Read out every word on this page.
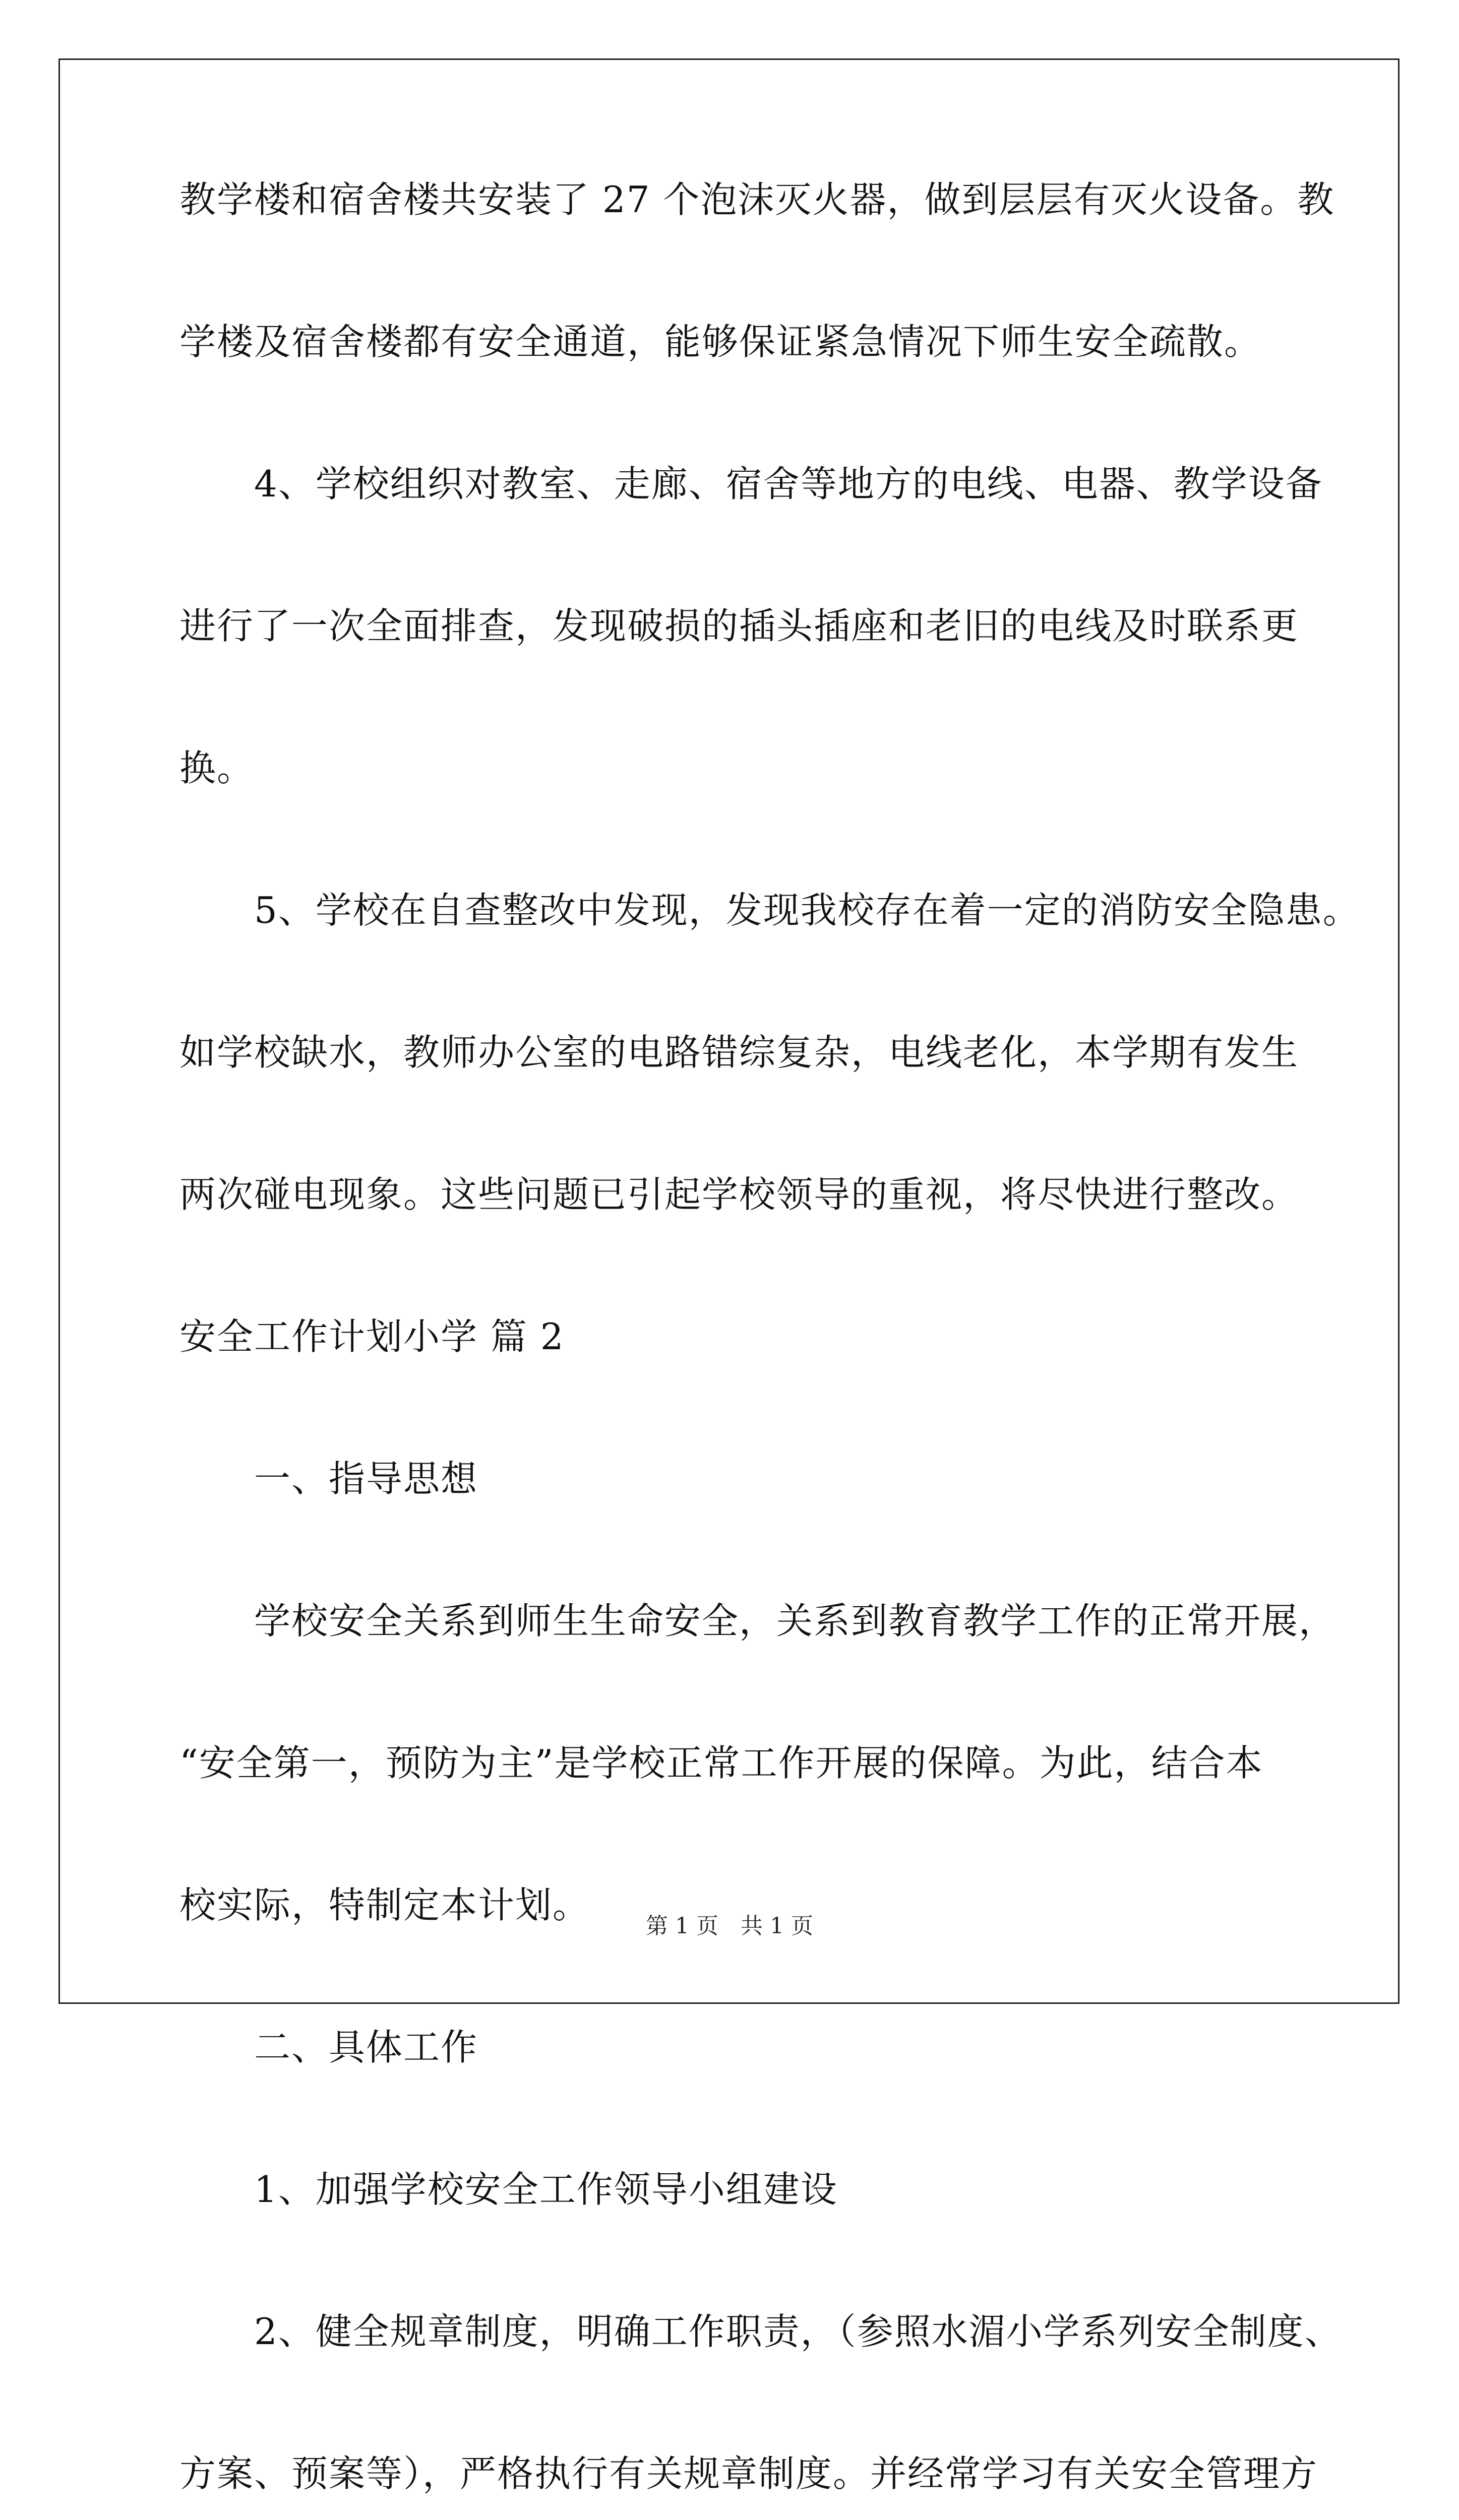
教学楼和宿舍楼共安装了 27 个泡沫灭火器，做到层层有灭火设备。教
学楼及宿舍楼都有安全通道，能够保证紧急情况下师生安全疏散。
　　4、学校组织对教室、走廊、宿舍等地方的电线、电器、教学设备
进行了一次全面排查，发现破损的插头插座和老旧的电线及时联系更
换。
　　5、学校在自查整改中发现，发现我校存在着一定的消防安全隐患。
如学校缺水，教师办公室的电路错综复杂，电线老化，本学期有发生
两次碰电现象。这些问题已引起学校领导的重视，将尽快进行整改。
安全工作计划小学 篇 2
　　一、指导思想
　　学校安全关系到师生生命安全，关系到教育教学工作的正常开展，
“安全第一，预防为主”是学校正常工作开展的保障。为此，结合本
校实际，特制定本计划。
　　二、具体工作
　　1、加强学校安全工作领导小组建设
　　2、健全规章制度，明确工作职责，（参照水湄小学系列安全制度、
方案、预案等），严格执行有关规章制度。并经常学习有关安全管理方
第 1 页　共 1 页
